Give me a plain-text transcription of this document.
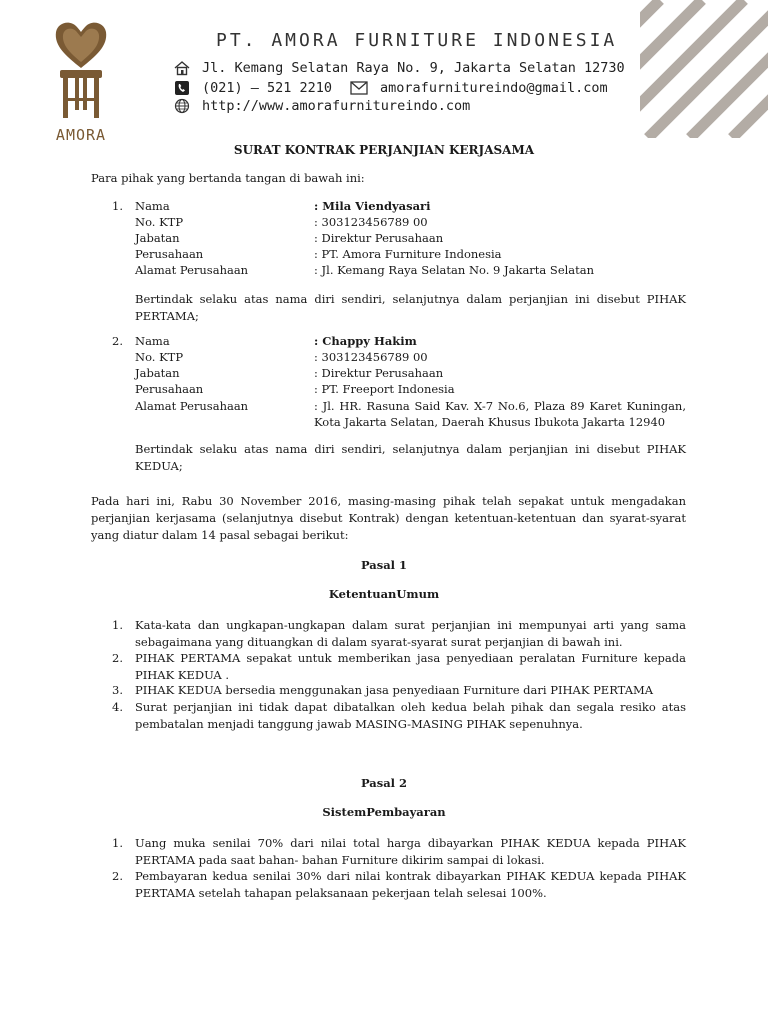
AMORA
PT. AMORA FURNITURE INDONESIA
Jl. Kemang Selatan Raya No. 9, Jakarta Selatan 12730
(021) – 521 2210	amorafurnitureindo@gmail.com
http://www.amorafurnitureindo.com
SURAT KONTRAK PERJANJIAN KERJASAMA
Para pihak yang bertanda tangan di bawah ini:
1. Nama	: Mila Viendyasari
No. KTP	: 303123456789 00
Jabatan	: Direktur Perusahaan
Perusahaan	: PT. Amora Furniture Indonesia
Alamat Perusahaan	: Jl. Kemang Raya Selatan No. 9 Jakarta Selatan
Bertindak selaku atas nama diri sendiri, selanjutnya dalam perjanjian ini disebut PIHAK PERTAMA;
2. Nama	: Chappy Hakim
No. KTP	: 303123456789 00
Jabatan	: Direktur Perusahaan
Perusahaan	: PT. Freeport Indonesia
Alamat Perusahaan	: Jl. HR. Rasuna Said Kav. X-7 No.6, Plaza 89 Karet Kuningan, Kota Jakarta Selatan, Daerah Khusus Ibukota Jakarta 12940
Bertindak selaku atas nama diri sendiri, selanjutnya dalam perjanjian ini disebut PIHAK KEDUA;
Pada hari ini, Rabu 30 November 2016, masing-masing pihak telah sepakat untuk mengadakan perjanjian kerjasama (selanjutnya disebut Kontrak) dengan ketentuan-ketentuan dan syarat-syarat yang diatur dalam 14 pasal sebagai berikut:
Pasal 1
KetentuanUmum
1. Kata-kata dan ungkapan-ungkapan dalam surat perjanjian ini mempunyai arti yang sama sebagaimana yang dituangkan di dalam syarat-syarat surat perjanjian di bawah ini.
2. PIHAK PERTAMA sepakat untuk memberikan jasa penyediaan peralatan Furniture kepada PIHAK KEDUA .
3. PIHAK KEDUA bersedia menggunakan jasa penyediaan Furniture dari PIHAK PERTAMA
4. Surat perjanjian ini tidak dapat dibatalkan oleh kedua belah pihak dan segala resiko atas pembatalan menjadi tanggung jawab MASING-MASING PIHAK sepenuhnya.
Pasal 2
SistemPembayaran
1. Uang muka senilai 70% dari nilai total harga dibayarkan PIHAK KEDUA kepada PIHAK PERTAMA pada saat bahan- bahan Furniture dikirim sampai di lokasi.
2. Pembayaran kedua senilai 30% dari nilai kontrak dibayarkan PIHAK KEDUA kepada PIHAK PERTAMA setelah tahapan pelaksanaan pekerjaan telah selesai 100%.
